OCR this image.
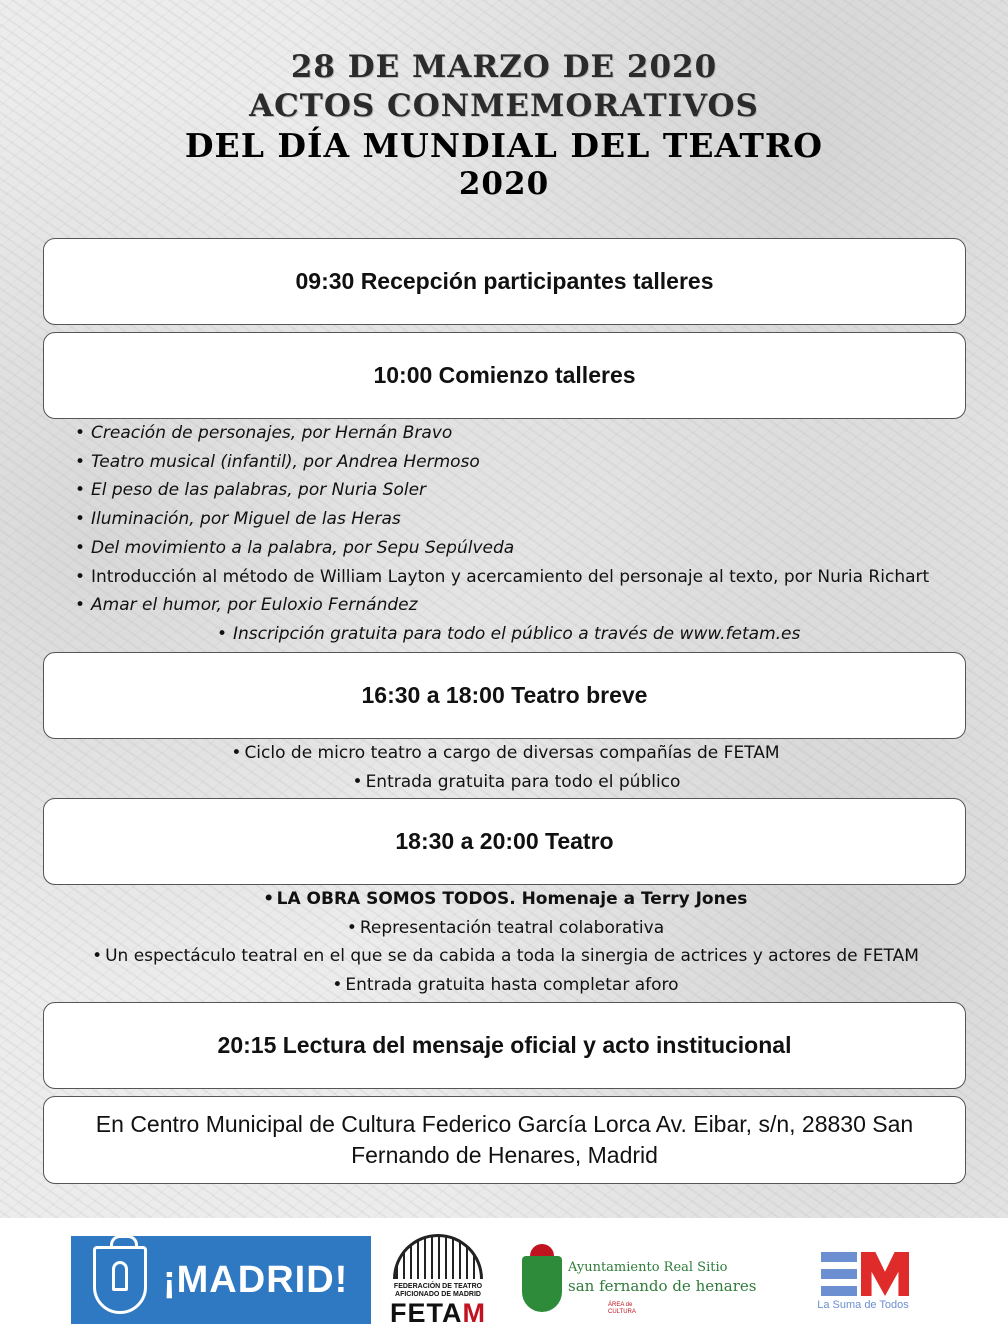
28 DE MARZO DE 2020
ACTOS CONMEMORATIVOS
DEL DÍA MUNDIAL DEL TEATRO
2020
09:30 Recepción participantes talleres
10:00 Comienzo talleres
• Creación de personajes, por Hernán Bravo
• Teatro musical (infantil), por Andrea Hermoso
• El peso de las palabras, por Nuria Soler
• Iluminación, por Miguel de las Heras
• Del movimiento a la palabra, por Sepu Sepúlveda
• Introducción al método de William Layton y acercamiento del personaje al texto, por Nuria Richart
• Amar el humor, por Euloxio Fernández
• Inscripción gratuita para todo el público a través de www.fetam.es
16:30 a 18:00 Teatro breve
• Ciclo de micro teatro a cargo de diversas compañías de FETAM
• Entrada gratuita para todo el público
18:30 a 20:00 Teatro
• LA OBRA SOMOS TODOS. Homenaje a Terry Jones
• Representación teatral colaborativa
• Un espectáculo teatral en el que se da cabida a toda la sinergia de actrices y actores de FETAM
• Entrada gratuita hasta completar aforo
20:15 Lectura del mensaje oficial y acto institucional
En Centro Municipal de Cultura Federico García Lorca Av. Eibar, s/n, 28830 San Fernando de Henares, Madrid
¡MADRID!	FEDERACIÓN DE TEATRO
AFICIONADO DE MADRID
FETAM
Ayuntamiento Real Sitio
san fernando de henares
ÁREA de
CULTURA
La Suma de Todos
